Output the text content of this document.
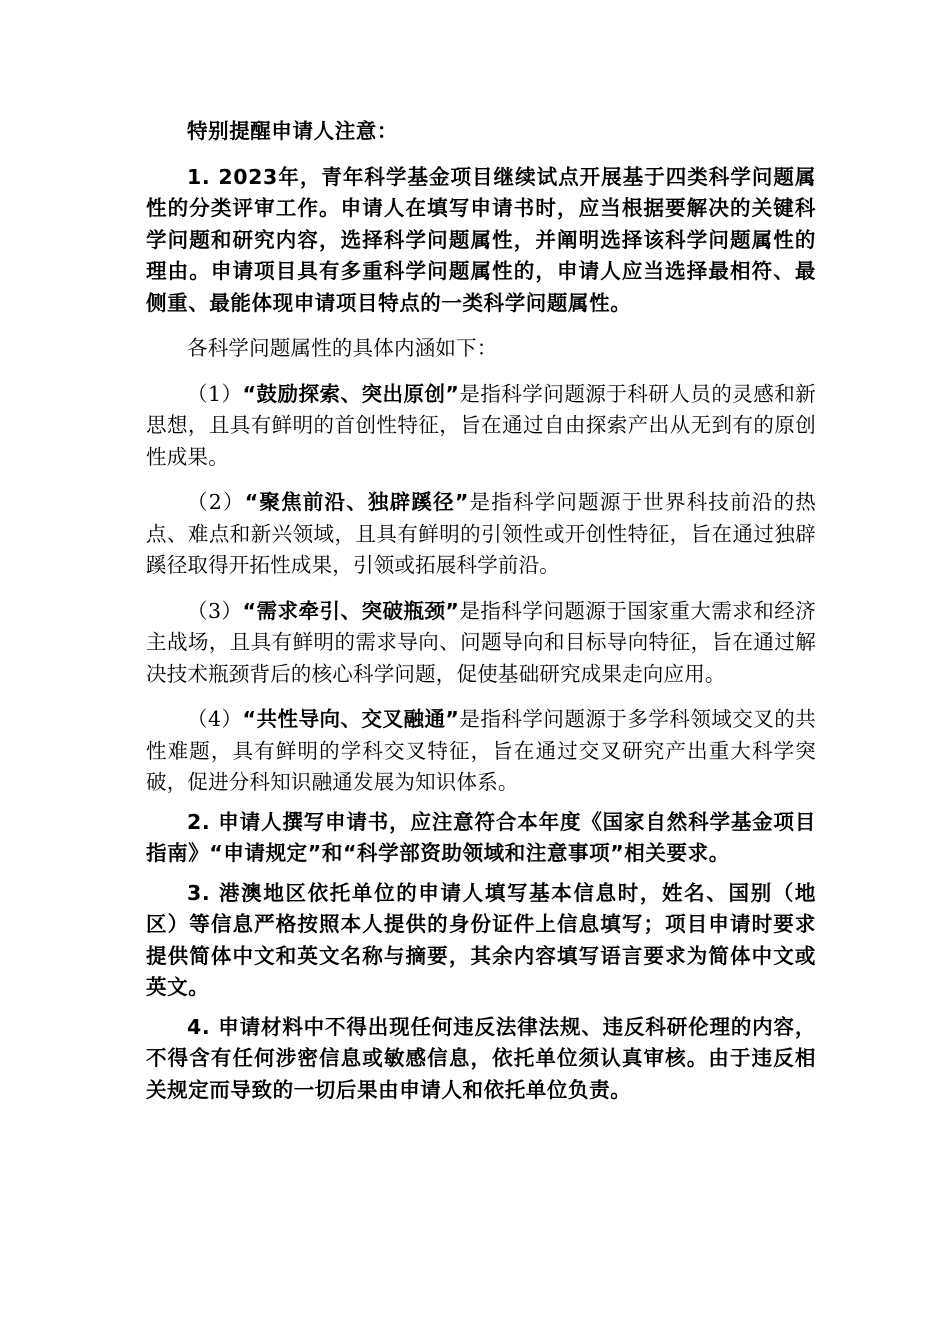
特别提醒申请人注意：

1. 2023年，青年科学基金项目继续试点开展基于四类科学问题属性的分类评审工作。申请人在填写申请书时，应当根据要解决的关键科学问题和研究内容，选择科学问题属性，并阐明选择该科学问题属性的理由。申请项目具有多重科学问题属性的，申请人应当选择最相符、最侧重、最能体现申请项目特点的一类科学问题属性。

各科学问题属性的具体内涵如下：

（1）“鼓励探索、突出原创”是指科学问题源于科研人员的灵感和新思想，且具有鲜明的首创性特征，旨在通过自由探索产出从无到有的原创性成果。

（2）“聚焦前沿、独辟蹊径”是指科学问题源于世界科技前沿的热点、难点和新兴领域，且具有鲜明的引领性或开创性特征，旨在通过独辟蹊径取得开拓性成果，引领或拓展科学前沿。

（3）“需求牵引、突破瓶颈”是指科学问题源于国家重大需求和经济主战场，且具有鲜明的需求导向、问题导向和目标导向特征，旨在通过解决技术瓶颈背后的核心科学问题，促使基础研究成果走向应用。

（4）“共性导向、交叉融通”是指科学问题源于多学科领域交叉的共性难题，具有鲜明的学科交叉特征，旨在通过交叉研究产出重大科学突破，促进分科知识融通发展为知识体系。

2. 申请人撰写申请书，应注意符合本年度《国家自然科学基金项目指南》“申请规定”和“科学部资助领域和注意事项”相关要求。

3. 港澳地区依托单位的申请人填写基本信息时，姓名、国别（地区）等信息严格按照本人提供的身份证件上信息填写；项目申请时要求提供简体中文和英文名称与摘要，其余内容填写语言要求为简体中文或英文。

4. 申请材料中不得出现任何违反法律法规、违反科研伦理的内容，不得含有任何涉密信息或敏感信息，依托单位须认真审核。由于违反相关规定而导致的一切后果由申请人和依托单位负责。
